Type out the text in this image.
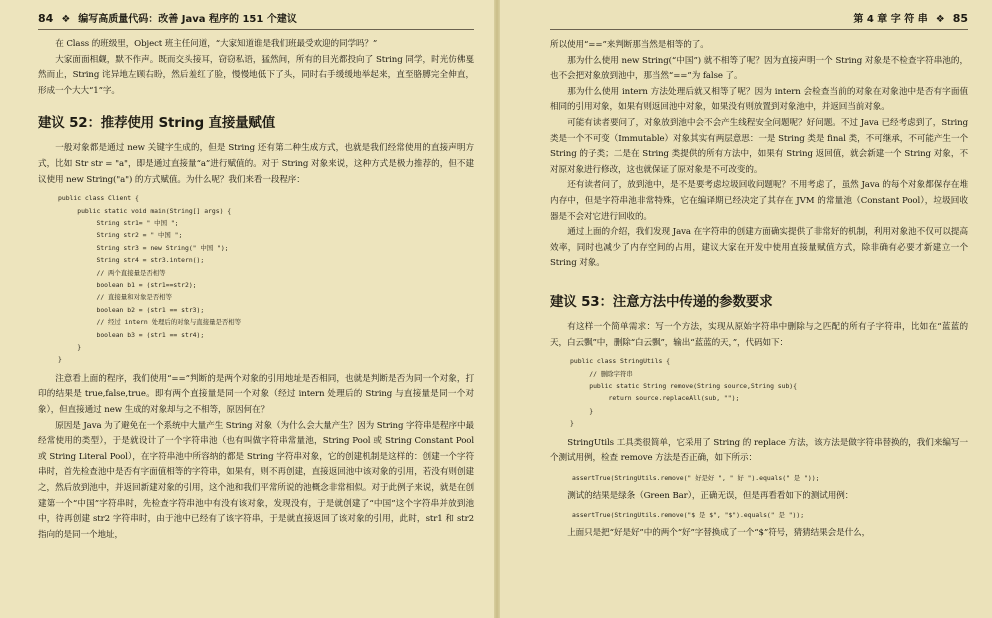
84 ❖ 编写高质量代码：改善 Java 程序的 151 个建议

在 Class 的班级里，Object 班主任问道，“大家知道谁是我们班最受欢迎的同学吗？”

大家面面相觑，默不作声。既而交头接耳，窃窃私语，猛然间，所有的目光都投向了 String 同学，时光仿佛戛然而止，String 诧异地左顾右盼，然后羞红了脸，慢慢地低下了头，同时右手缓缓地举起来，直至胳膊完全伸直，形成一个大大“1”字。

建议 52：推荐使用 String 直接量赋值

一般对象都是通过 new 关键字生成的，但是 String 还有第二种生成方式，也就是我们经常使用的直接声明方式，比如 Str str = "a"，即是通过直接量“a”进行赋值的。对于 String 对象来说，这种方式是极力推荐的，但不建议使用 new String("a") 的方式赋值。为什么呢？我们来看一段程序：

public class Client {
public static void main(String[] args) {
String str1= " 中国 ";
String str2 = " 中国 ";
String str3 = new String(" 中国 ");
String str4 = str3.intern();
// 两个直接量是否相等
boolean b1 = (str1==str2);
// 直接量和对象是否相等
boolean b2 = (str1 == str3);
// 经过 intern 处理后的对象与直接量是否相等
boolean b3 = (str1 == str4);
}
}

注意看上面的程序，我们使用“==”判断的是两个对象的引用地址是否相同，也就是判断是否为同一个对象，打印的结果是 true,false,true。即有两个直接量是同一个对象（经过 intern 处理后的 String 与直接量是同一个对象），但直接通过 new 生成的对象却与之不相等，原因何在？

原因是 Java 为了避免在一个系统中大量产生 String 对象（为什么会大量产生？因为 String 字符串是程序中最经常使用的类型），于是就设计了一个字符串池（也有叫做字符串常量池，String Pool 或 String Constant Pool 或 String Literal Pool），在字符串池中所容纳的都是 String 字符串对象，它的创建机制是这样的：创建一个字符串时，首先检查池中是否有字面值相等的字符串，如果有，则不再创建，直接返回池中该对象的引用，若没有则创建之，然后放到池中，并返回新建对象的引用，这个池和我们平常所说的池概念非常相似。对于此例子来说，就是在创建第一个“中国”字符串时，先检查字符串池中有没有该对象，发现没有，于是就创建了“中国”这个字符串并放到池中，待再创建 str2 字符串时，由于池中已经有了该字符串，于是就直接返回了该对象的引用，此时，str1 和 str2 指向的是同一个地址，

第 4 章 字 符 串 ❖ 85

所以使用“==”来判断那当然是相等的了。

那为什么使用 new String(“中国”) 就不相等了呢？因为直接声明一个 String 对象是不检查字符串池的，也不会把对象放到池中，那当然“==”为 false 了。

那为什么使用 intern 方法处理后就又相等了呢？因为 intern 会检查当前的对象在对象池中是否有字面值相同的引用对象，如果有则返回池中对象，如果没有则放置到对象池中，并返回当前对象。

可能有读者要问了，对象放到池中会不会产生线程安全问题呢？好问题。不过 Java 已经考虑到了，String 类是一个不可变（Immutable）对象其实有两层意思：一是 String 类是 final 类，不可继承，不可能产生一个 String 的子类；二是在 String 类提供的所有方法中，如果有 String 返回值，就会新建一个 String 对象，不对原对象进行修改，这也就保证了原对象是不可改变的。

还有读者问了，放到池中，是不是要考虑垃圾回收问题呢？不用考虑了，虽然 Java 的每个对象都保存在堆内存中，但是字符串池非常特殊，它在编译期已经决定了其存在 JVM 的常量池（Constant Pool），垃圾回收器是不会对它进行回收的。

通过上面的介绍，我们发现 Java 在字符串的创建方面确实提供了非常好的机制，利用对象池不仅可以提高效率，同时也减少了内存空间的占用，建议大家在开发中使用直接量赋值方式，除非确有必要才新建立一个 String 对象。

建议 53：注意方法中传递的参数要求

有这样一个简单需求：写一个方法，实现从原始字符串中删除与之匹配的所有子字符串，比如在“蓝蓝的天，白云飘”中，删除“白云飘”，输出“蓝蓝的天，”，代码如下：

public class StringUtils {
// 删除字符串
public static String remove(String source,String sub){
return source.replaceAll(sub, "");
}
}

StringUtils 工具类很简单，它采用了 String 的 replace 方法，该方法是做字符串替换的，我们来编写一个测试用例，检查 remove 方法是否正确，如下所示：

assertTrue(StringUtils.remove(" 好是好 ", " 好 ").equals(" 是 "));

测试的结果是绿条（Green Bar），正确无误，但是再看看如下的测试用例：

assertTrue(StringUtils.remove("$ 是 $", "$").equals(" 是 "));

上面只是把“好是好”中的两个“好”字替换成了一个“$”符号，猜猜结果会是什么，
